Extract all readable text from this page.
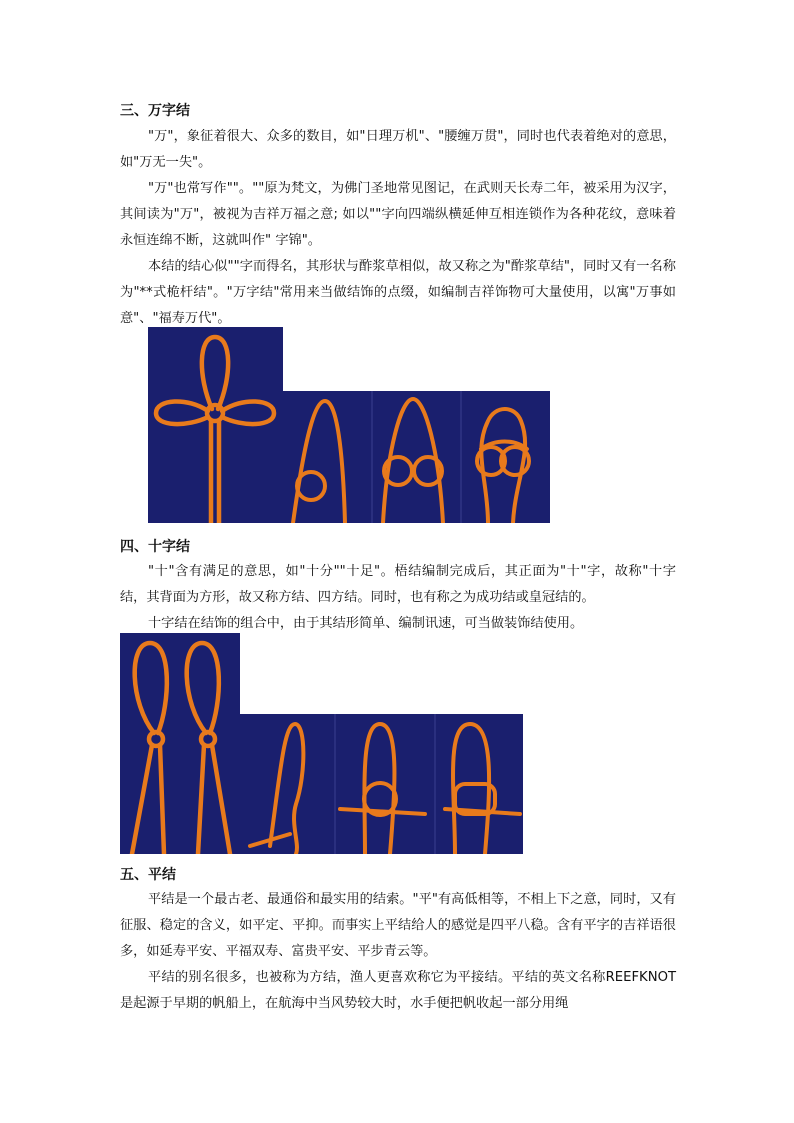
三、万字结

"万"，象征着很大、众多的数目，如"日理万机"、"腰缠万贯"，同时也代表着绝对的意思，如"万无一失"。

"万"也常写作""。""原为梵文，为佛门圣地常见图记，在武则天长寿二年，被采用为汉字，其间读为"万"，被视为吉祥万福之意; 如以""字向四端纵横延伸互相连锁作为各种花纹，意味着永恒连绵不断，这就叫作" 字锦"。

本结的结心似""字而得名，其形状与酢浆草相似，故又称之为"酢浆草结"，同时又有一名称为"**式桅杆结"。"万字结"常用来当做结饰的点缀，如编制吉祥饰物可大量使用，以寓"万事如意"、"福寿万代"。

四、十字结

"十"含有满足的意思，如"十分""十足"。梧结编制完成后，其正面为"十"字，故称"十字结，其背面为方形，故又称方结、四方结。同时，也有称之为成功结或皇冠结的。

十字结在结饰的组合中，由于其结形简单、编制讯速，可当做装饰结使用。

五、平结

平结是一个最古老、最通俗和最实用的结索。"平"有高低相等，不相上下之意，同时，又有征服、稳定的含义，如平定、平抑。而事实上平结给人的感觉是四平八稳。含有平字的吉祥语很多，如延寿平安、平福双寿、富贵平安、平步青云等。

平结的别名很多，也被称为方结，渔人更喜欢称它为平接结。平结的英文名称REEFKNOT 是起源于早期的帆船上，在航海中当风势较大时，水手便把帆收起一部分用绳
